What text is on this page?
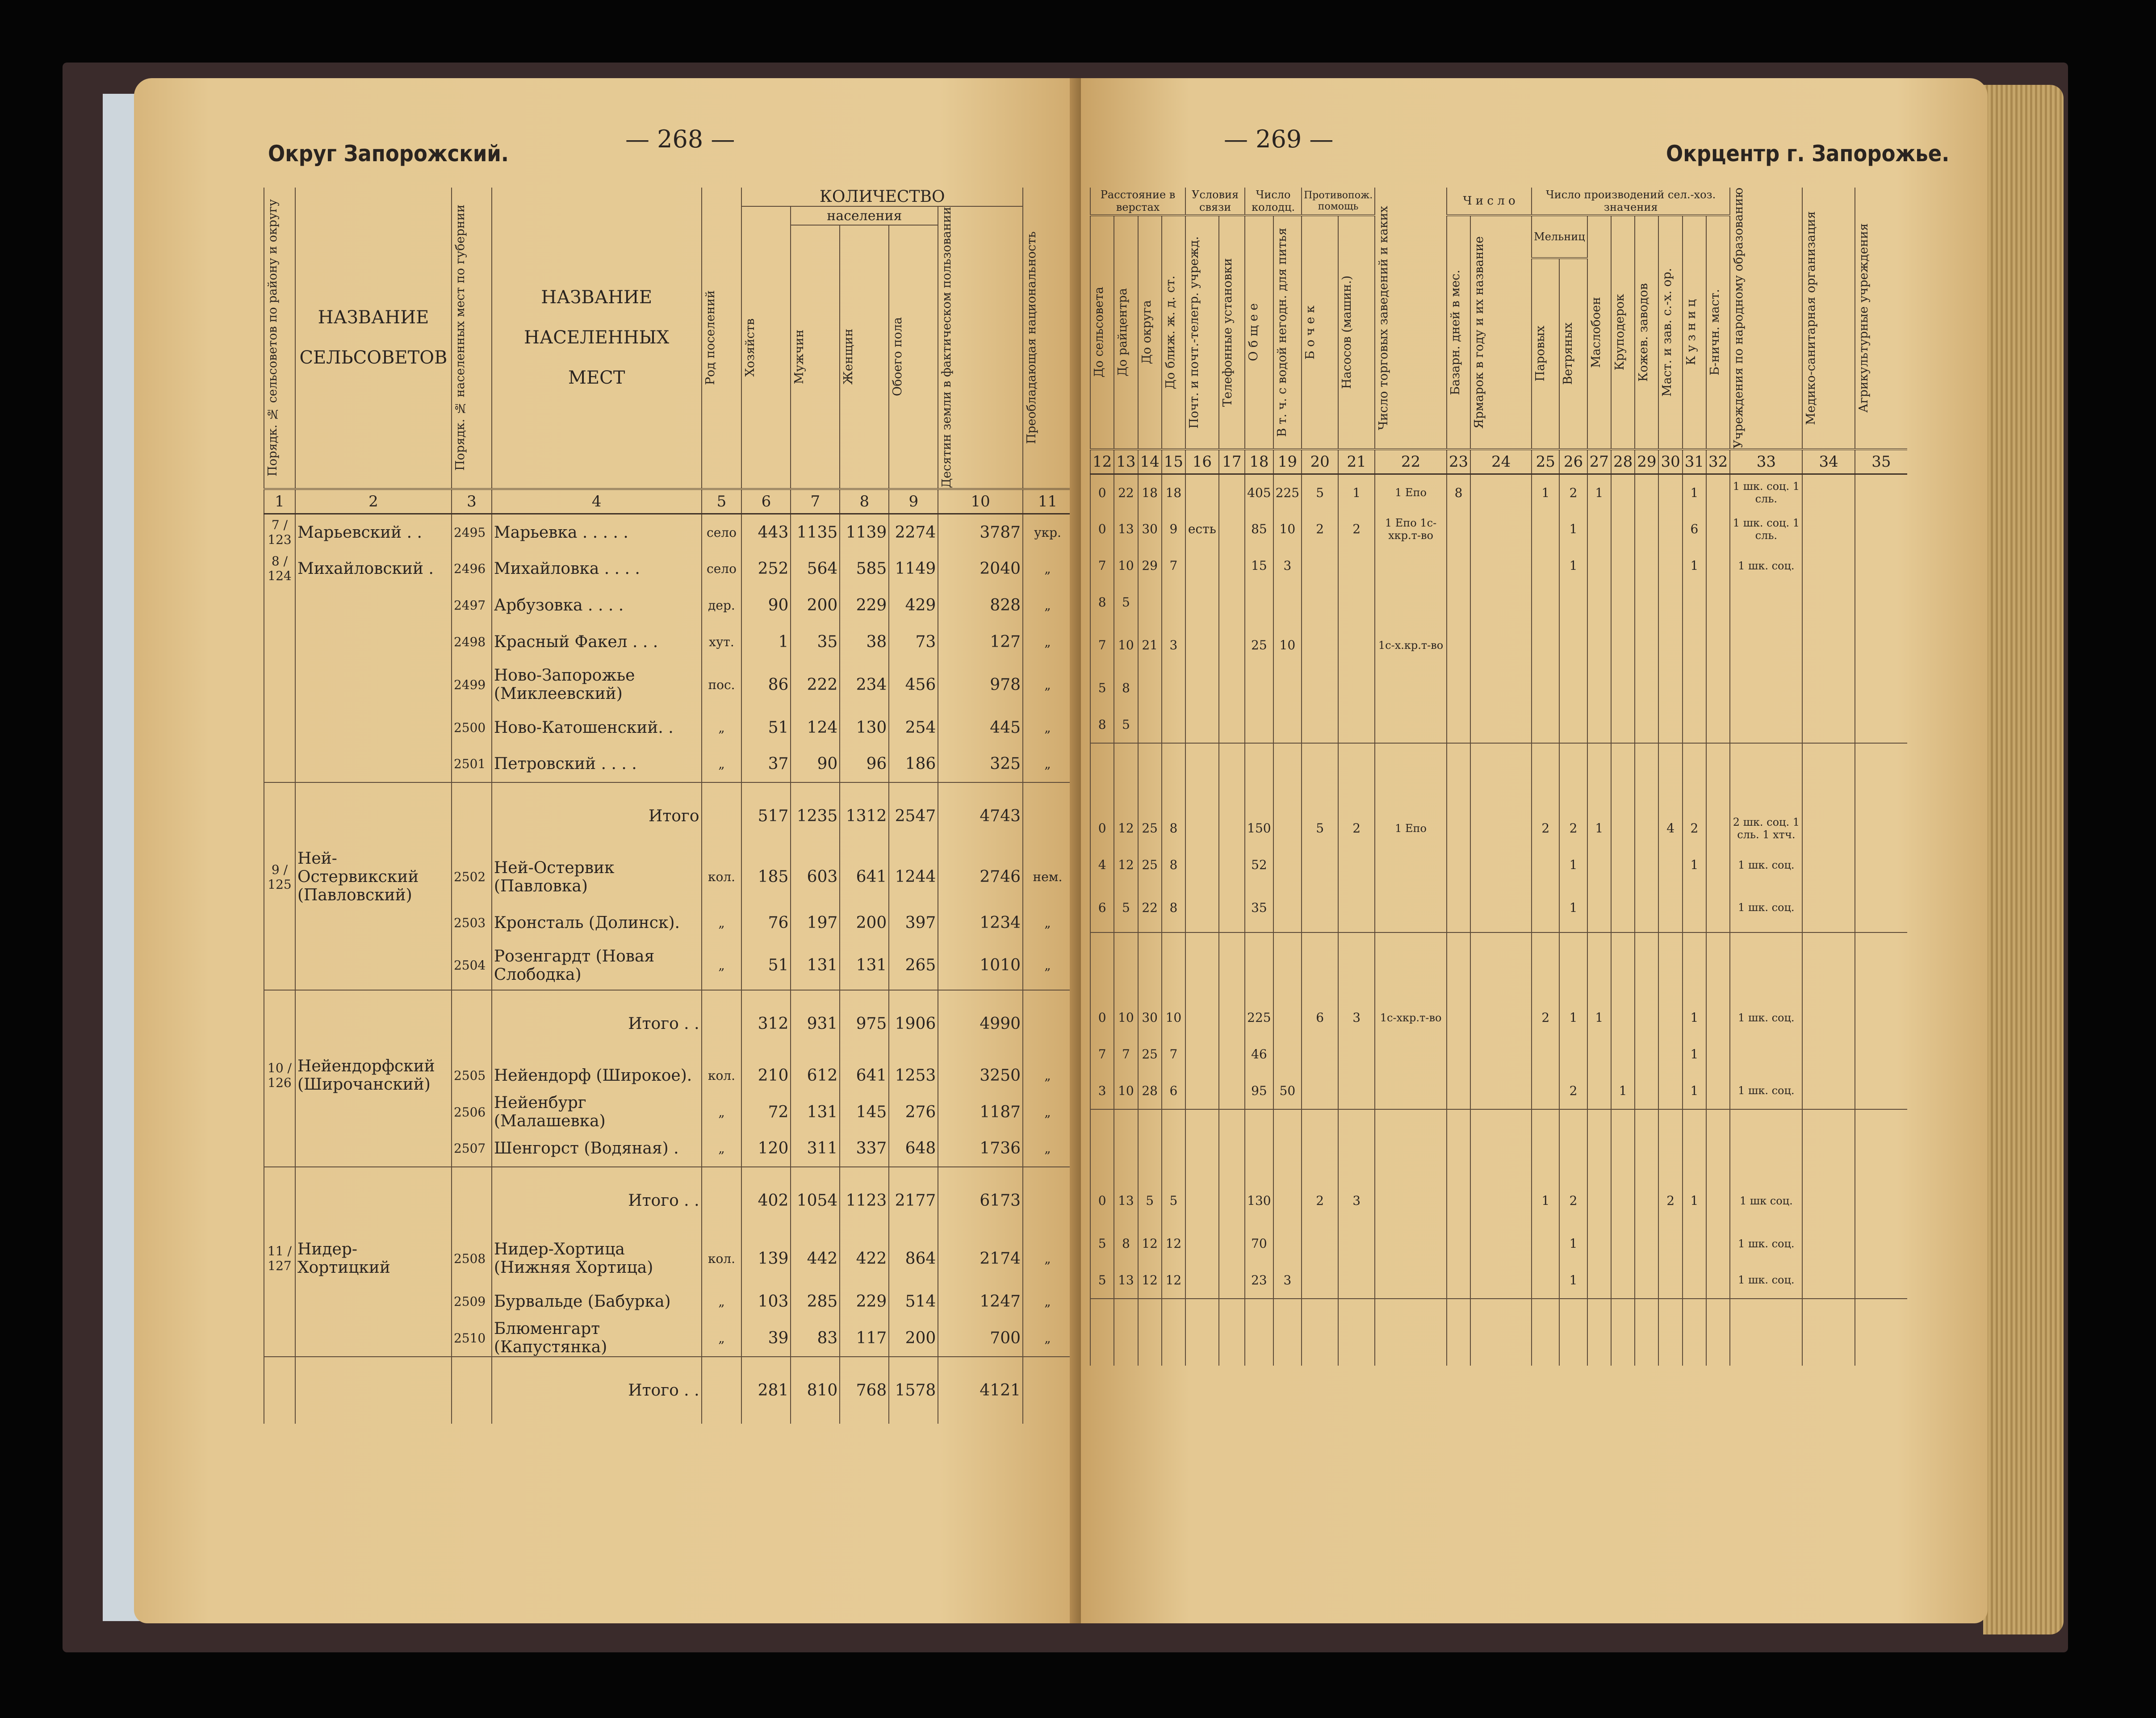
Округ Запорожский.
— 268 —
Порядк. № сельсоветов по району и округу	НАЗВАНИЕ СЕЛЬСОВЕТОВ	Порядк. № населенных мест по губернии	НАЗВАНИЕ НАСЕЛЕННЫХ МЕСТ	Род поселений	КОЛИЧЕСТВО					Преобладающая национальность

					Хозяйств	населения			Десятин земли в фактическом пользовании	

						Мужчин	Женщин	Обоего пола		

1	2	3	4	5	6	7	8	9	10	11
7 / 123	Марьевский . .	2495	Марьевка . . . . .	село	443	1135	1139	2274	3787	укр.
8 / 124	Михайловский .	2496	Михайловка . . . .	село	252	564	585	1149	2040	„
		2497	Арбузовка . . . .	дер.	90	200	229	429	828	„
		2498	Красный Факел . . .	хут.	1	35	38	73	127	„
		2499	Ново-Запорожье (Миклеевский)	пос.	86	222	234	456	978	„
		2500	Ново-Катошенский. .	„	51	124	130	254	445	„
		2501	Петровский . . . .	„	37	90	96	186	325	„
			Итого		517	1235	1312	2547	4743	
9 / 125	Ней-Остервикский (Павловский)	2502	Ней-Остервик (Павловка)	кол.	185	603	641	1244	2746	нем.
		2503	Кронсталь (Долинск).	„	76	197	200	397	1234	„
		2504	Розенгардт (Новая Слободка)	„	51	131	131	265	1010	„
			Итого . .		312	931	975	1906	4990	
10 / 126	Нейендорфский (Широчанский)	2505	Нейендорф (Широкое).	кол.	210	612	641	1253	3250	„
		2506	Нейенбург (Малашевка)	„	72	131	145	276	1187	„
		2507	Шенгорст (Водяная) .	„	120	311	337	648	1736	„
			Итого . .		402	1054	1123	2177	6173	
11 / 127	Нидер-Хортицкий	2508	Нидер-Хортица (Нижняя Хортица)	кол.	139	442	422	864	2174	„
		2509	Бурвальде (Бабурка)	„	103	285	229	514	1247	„
		2510	Блюменгарт (Капустянка)	„	39	83	117	200	700	„
			Итого . .		281	810	768	1578	4121	
— 269 —
Окрцентр г. Запорожье.
Расстояние в верстах				Условия связи		Число колодц.		Противопож. помощь		Число торговых заведений и каких	Ч и с л о		Число производений сел.-хоз. значения								Учреждения по народному образованию	Медико-санитарная организация	Агрикультурные учреждения

До сельсовета	До райцентра	До округа	До ближ. ж. д. ст.	Почт. и почт.-телегр. учрежд.	Телефонные установки	О б щ е е	В т. ч. с водой негодн. для питья	Б о ч е к	Насосов (машин.)		Базарн. дней в мес.	Ярмарок в году и их название	Мельниц		Маслобоен	Круподерок	Кожев. заводов	Маст. и зав. с.-х. ор.	К у з н и ц	Б-ничн. маст.			

													Паровых	Ветряных									

12	13	14	15	16	17	18	19	20	21	22	23	24	25	26	27	28	29	30	31	32	33	34	35
0	22	18	18			405	225	5	1	1 Епо	8		1	2	1				1		1 шк. соц. 1 сль.		
0	13	30	9	есть		85	10	2	2	1 Епо 1с-хкр.т-во				1					6		1 шк. соц. 1 сль.		
7	10	29	7			15	3							1					1		1 шк. соц.		
8	5																						
7	10	21	3			25	10			1с-х.кр.т-во													
5	8																						
8	5																						

0	12	25	8			150		5	2	1 Епо			2	2	1			4	2		2 шк. соц. 1 сль. 1 хтч.		
4	12	25	8			52								1					1		1 шк. соц.		
6	5	22	8			35								1							1 шк. соц.		

0	10	30	10			225		6	3	1с-хкр.т-во			2	1	1				1		1 шк. соц.		
7	7	25	7			46													1				
3	10	28	6			95	50							2		1			1		1 шк. соц.		

0	13	5	5			130		2	3				1	2				2	1		1 шк соц.		
5	8	12	12			70								1							1 шк. соц.		
5	13	12	12			23	3							1							1 шк. соц.		
